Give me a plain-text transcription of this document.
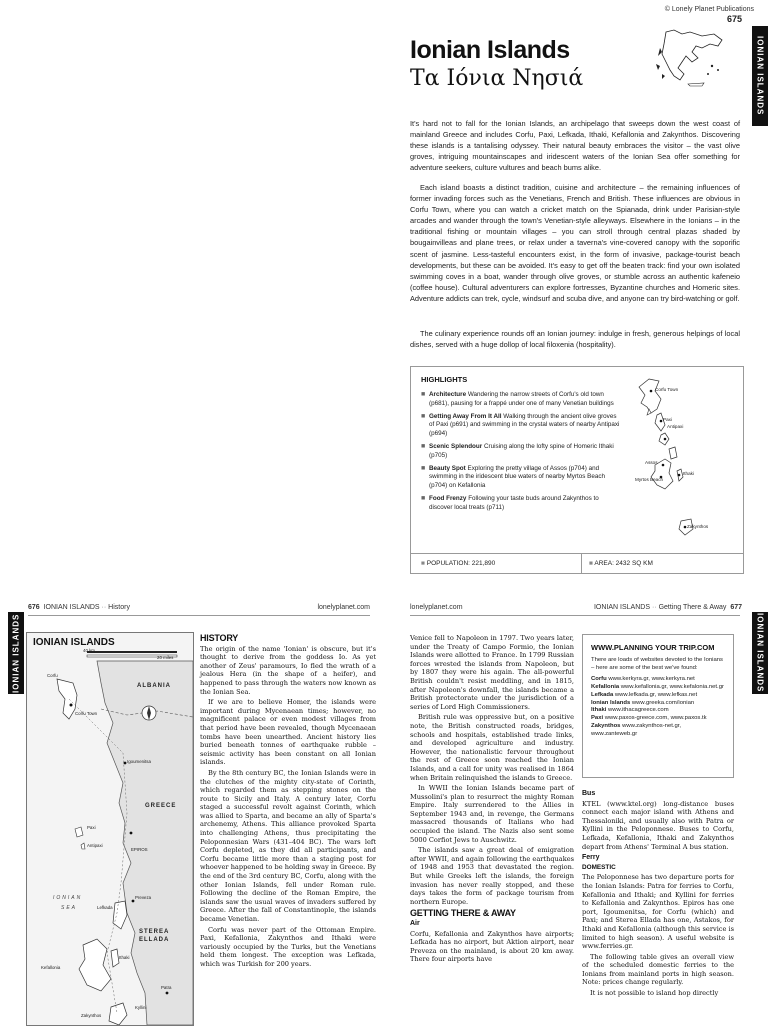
© Lonely Planet Publications
675
IONIAN ISLANDS
Ionian Islands
Τα Ιόνια Νησιά

It's hard not to fall for the Ionian Islands, an archipelago that sweeps down the west coast of mainland Greece and includes Corfu, Paxi, Lefkada, Ithaki, Kefallonia and Zakynthos. Discovering these islands is a tantalising odyssey. Their natural beauty embraces the visitor – the vast olive groves, intriguing mountainscapes and iridescent waters of the Ionian Sea offer something for adventure seekers, culture vultures and beach bums alike.

Each island boasts a distinct tradition, cuisine and architecture – the remaining influences of former invading forces such as the Venetians, French and British. These influences are obvious in Corfu Town, where you can watch a cricket match on the Spianada, drink under Parisian-style arcades and wander through the town's Venetian-style alleyways. Elsewhere in the Ionians – in the traditional fishing or mountain villages – you can stroll through central plazas shaded by bougainvilleas and plane trees, or relax under a taverna's vine-covered canopy with the soporific scent of jasmine. Less-tasteful encounters exist, in the form of invasive, package-tourist beach developments, but these can be avoided. It's easy to get off the beaten track: find your own isolated swimming coves in a boat, wander through olive groves, or stumble across an authentic kafeneio (coffee house). Cultural adventurers can explore fortresses, Byzantine churches and Homeric sites. Adventure addicts can trek, cycle, windsurf and scuba dive, and anyone can try bird-watching or golf.

The culinary experience rounds off an Ionian journey: indulge in fresh, generous helpings of local dishes, served with a huge dollop of local filoxenia (hospitality).

HIGHLIGHTS
■ Architecture Wandering the narrow streets of Corfu's old town (p681), pausing for a frappé under one of many Venetian buildings
■ Getting Away From It All Walking through the ancient olive groves of Paxi (p691) and swimming in the crystal waters of nearby Antipaxi (p694)
■ Scenic Splendour Cruising along the lofty spine of Homeric Ithaki (p705)
■ Beauty Spot Exploring the pretty village of Assos (p704) and swimming in the iridescent blue waters of nearby Myrtos Beach (p704) on Kefallonia
■ Food Frenzy Following your taste buds around Zakynthos to discover local treats (p711)
Corfu Town
Paxi
Antipaxi
Assos
Ithaki
Myrtos Beach
Zakynthos
■ POPULATION: 221,890	■ AREA: 2432 SQ KM
IONIAN ISLANDS
676 IONIAN ISLANDS ·· History	lonelyplanet.com
HISTORY

The origin of the name 'Ionian' is obscure, but it's thought to derive from the goddess Io. As yet another of Zeus' paramours, Io fled the wrath of a jealous Hera (in the shape of a heifer), and happened to pass through the waters now known as the Ionian Sea.

If we are to believe Homer, the islands were important during Mycenaean times; however, no magnificent palace or even modest villages from that period have been revealed, though Mycenaean tombs have been unearthed. Ancient history lies buried beneath tonnes of earthquake rubble – seismic activity has been constant on all Ionian islands.

By the 8th century BC, the Ionian Islands were in the clutches of the mighty city-state of Corinth, which regarded them as stepping stones on the route to Sicily and Italy. A century later, Corfu staged a successful revolt against Corinth, which was allied to Sparta, and became an ally of Sparta's archenemy, Athens. This alliance provoked Sparta into challenging Athens, thus precipitating the Peloponnesian Wars (431–404 BC). The wars left Corfu depleted, as they did all participants, and Corfu became little more than a staging post for whoever happened to be holding sway in Greece. By the end of the 3rd century BC, Corfu, along with the other Ionian Islands, fell under Roman rule. Following the decline of the Roman Empire, the islands saw the usual waves of invaders suffered by Greece. After the fall of Constantinople, the islands became Venetian.

Corfu was never part of the Ottoman Empire. Paxi, Kefallonia, Zakynthos and Ithaki were variously occupied by the Turks, but the Venetians held them longest. The exception was Lefkada, which was Turkish for 200 years.

IONIAN ISLANDS
40 km
20 miles
ALBANIA
Corfu
Corfu Town
Igoumenitsa
GREECE
EPIROS
Paxi
Antipaxi
IONIAN
SEA
Preveza
Lefkada
STEREA
ELLADA
Ithaki
Kefallonia
Patra
Kyllini
Zakynthos
lonelyplanet.com	IONIAN ISLANDS ·· Getting There & Away 677
IONIAN ISLANDS

Venice fell to Napoleon in 1797. Two years later, under the Treaty of Campo Formio, the Ionian Islands were allotted to France. In 1799 Russian forces wrested the islands from Napoleon, but by 1807 they were his again. The all-powerful British couldn't resist meddling, and in 1815, after Napoleon's downfall, the islands became a British protectorate under the jurisdiction of a series of Lord High Commissioners.

British rule was oppressive but, on a positive note, the British constructed roads, bridges, schools and hospitals, established trade links, and developed agriculture and industry. However, the nationalistic fervour throughout the rest of Greece soon reached the Ionian Islands, and a call for unity was realised in 1864 when Britain relinquished the islands to Greece.

In WWII the Ionian Islands became part of Mussolini's plan to resurrect the mighty Roman Empire. Italy surrendered to the Allies in September 1943 and, in revenge, the Germans massacred thousands of Italians who had occupied the island. The Nazis also sent some 5000 Corfiot Jews to Auschwitz.

The islands saw a great deal of emigration after WWII, and again following the earthquakes of 1948 and 1953 that devastated the region. But while Greeks left the islands, the foreign invasion has never really stopped, and these days takes the form of package tourism from northern Europe.

GETTING THERE & AWAY
Air

Corfu, Kefallonia and Zakynthos have airports; Lefkada has no airport, but Aktion airport, near Preveza on the mainland, is about 20 km away. There four airports have

Bus

KTEL (www.ktel.org) long-distance buses connect each major island with Athens and Thessaloniki, and usually also with Patra or Kyllini in the Peloponnese. Buses to Corfu, Lefkada, Kefallonia, Ithaki and Zakynthos depart from Athens' Terminal A bus station.

Ferry
DOMESTIC

The Peloponnese has two departure ports for the Ionian Islands: Patra for ferries to Corfu, Kefallonia and Ithaki; and Kyllini for ferries to Kefallonia and Zakynthos. Epiros has one port, Igoumenitsa, for Corfu (which) and Paxi; and Sterea Ellada has one, Astakos, for Ithaki and Kefallonia (although this service is limited to high season). A useful website is www.ferries.gr.

The following table gives an overall view of the scheduled domestic ferries to the Ionians from mainland ports in high season. Note: prices change regularly.

It is not possible to island hop directly

WWW.PLANNING YOUR TRIP.COM

There are loads of websites devoted to the Ionians – here are some of the best we've found:

Corfu www.kerkyra.gr, www.kerkyra.net

Kefallonia www.kefallonia.gr, www.kefalonia.net.gr

Lefkada www.lefkada.gr, www.lefkas.net

Ionian Islands www.greeka.com/ionian

Ithaki www.ithacagreece.com

Paxi www.paxos-greece.com, www.paxos.tk

Zakynthos www.zakynthos-net.gr, www.zanteweb.gr
